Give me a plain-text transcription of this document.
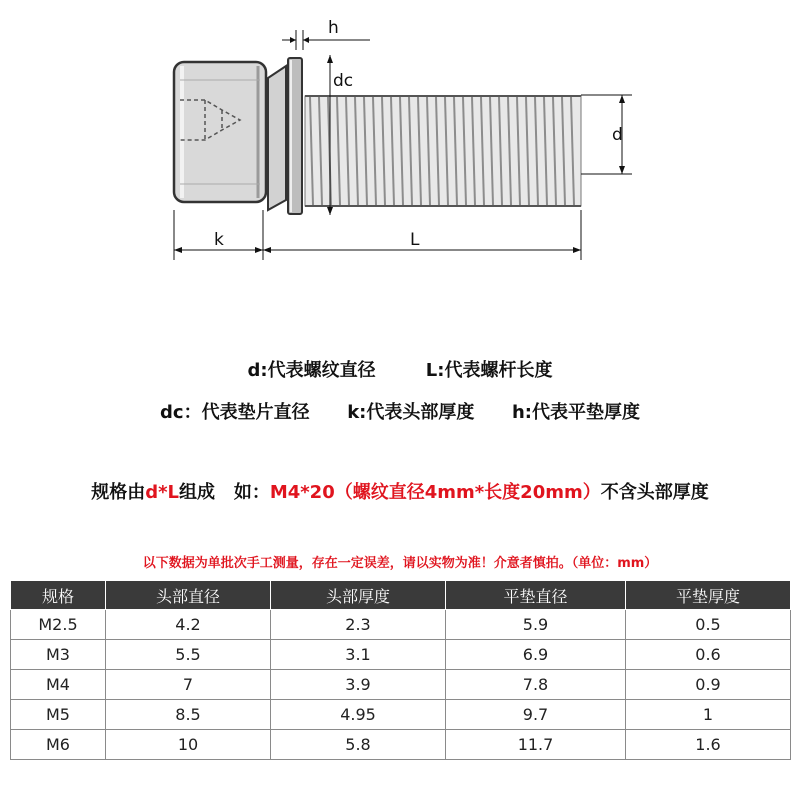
h
dc
d
k	L
d:代表螺纹直径	L:代表螺杆长度
dc：代表垫片直径 k:代表头部厚度 h:代表平垫厚度
规格由d*L组成   如：M4*20（螺纹直径4mm*长度20mm）不含头部厚度
以下数据为单批次手工测量，存在一定误差，请以实物为准！介意者慎拍。（单位：mm）
规格	头部直径	头部厚度	平垫直径	平垫厚度
M2.5	4.2	2.3	5.9	0.5
M3	5.5	3.1	6.9	0.6
M4	7	3.9	7.8	0.9
M5	8.5	4.95	9.7	1
M6	10	5.8	11.7	1.6
